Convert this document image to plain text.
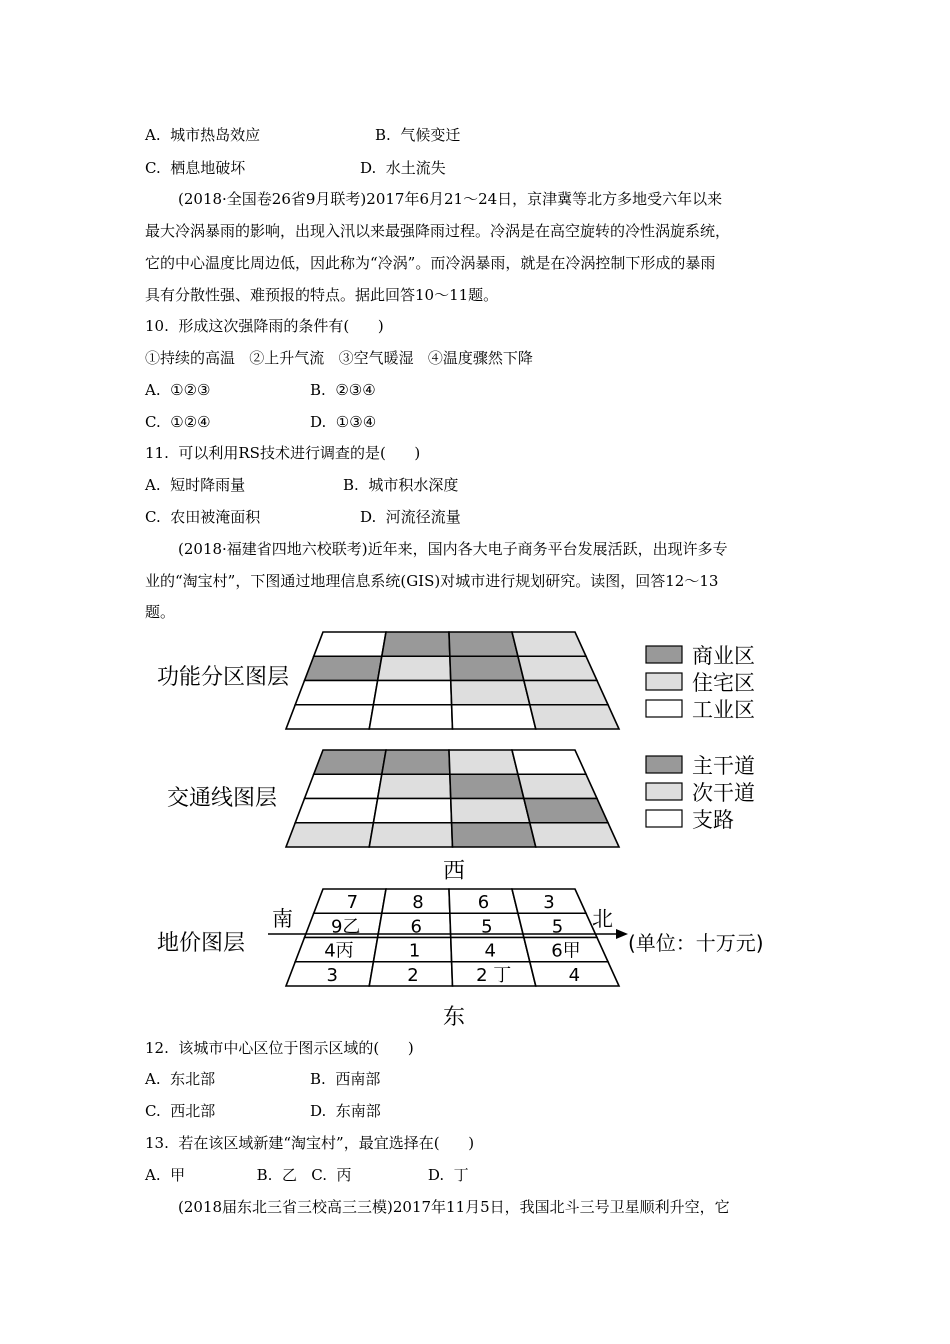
A.  城市热岛效应	B.  气候变迁
C.  栖息地破坏	D.  水土流失
(2018·全国卷26省9月联考)2017年6月21～24日，京津冀等北方多地受六年以来
最大冷涡暴雨的影响，出现入汛以来最强降雨过程。冷涡是在高空旋转的冷性涡旋系统，
它的中心温度比周边低，因此称为“冷涡”。而冷涡暴雨，就是在冷涡控制下形成的暴雨
具有分散性强、难预报的特点。据此回答10～11题。
10.  形成这次强降雨的条件有(      )
①持续的高温   ②上升气流   ③空气暖湿   ④温度骤然下降
A.  ①②③	B.  ②③④
C.  ①②④	D.  ①③④
11.  可以利用RS技术进行调查的是(      )
A.  短时降雨量	B.  城市积水深度
C.  农田被淹面积	D.  河流径流量
(2018·福建省四地六校联考)近年来，国内各大电子商务平台发展活跃，出现许多专
业的“淘宝村”，下图通过地理信息系统(GIS)对城市进行规划研究。读图，回答12～13
题。
功能分区图层
交通线图层
地价图层
7	8	6	3
9乙	6	5	5
4丙	1	4	6甲
3	2	2 丁	4
商业区
住宅区
工业区
主干道
次干道
支路
西
东
南	北
(单位：十万元)
12.  该城市中心区位于图示区域的(      )
A.  东北部	B.  西南部
C.  西北部	D.  东南部
13.  若在该区域新建“淘宝村”，最宜选择在(      )
A.  甲               B.  乙   C.  丙                D.  丁
(2018届东北三省三校高三三模)2017年11月5日，我国北斗三号卫星顺利升空，它
